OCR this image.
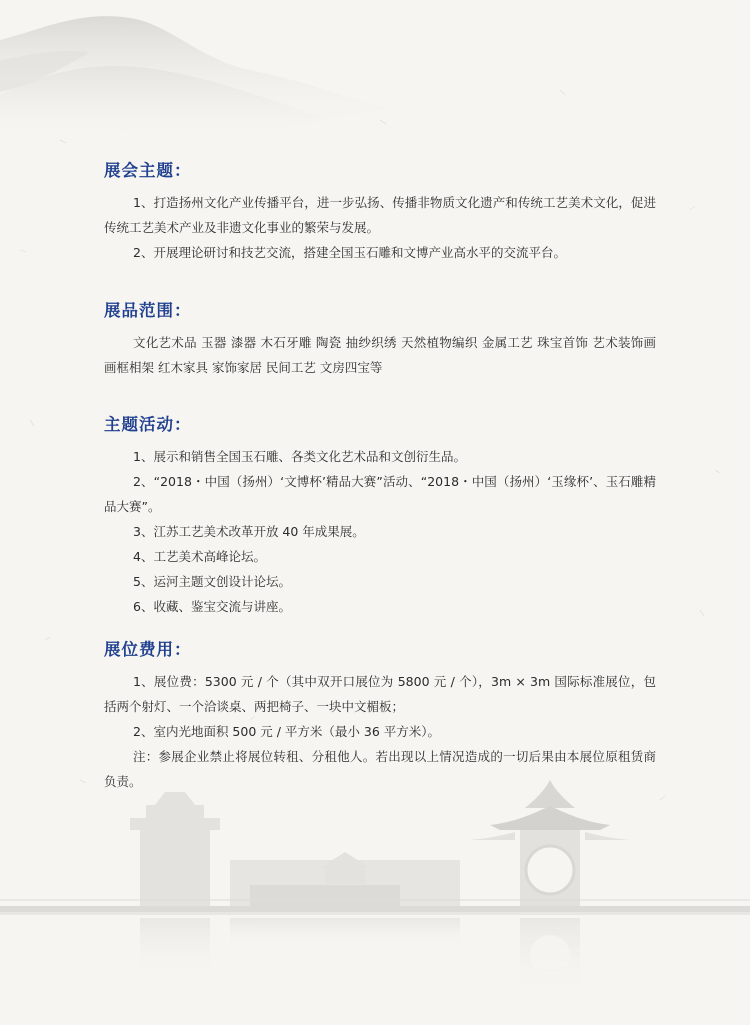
展会主题：

1、打造扬州文化产业传播平台，进一步弘扬、传播非物质文化遗产和传统工艺美术文化，促进传统工艺美术产业及非遗文化事业的繁荣与发展。

2、开展理论研讨和技艺交流，搭建全国玉石雕和文博产业高水平的交流平台。

展品范围：

文化艺术品 玉器 漆器 木石牙雕 陶瓷 抽纱织绣 天然植物编织 金属工艺 珠宝首饰 艺术装饰画 画框相架 红木家具 家饰家居 民间工艺 文房四宝等

主题活动：

1、展示和销售全国玉石雕、各类文化艺术品和文创衍生品。

2、“2018・中国（扬州）‘文博杯’精品大赛”活动、“2018・中国（扬州）‘玉缘杯’、玉石雕精品大赛”。

3、江苏工艺美术改革开放 40 年成果展。

4、工艺美术高峰论坛。

5、运河主题文创设计论坛。

6、收藏、鉴宝交流与讲座。

展位费用：

1、展位费：5300 元 / 个（其中双开口展位为 5800 元 / 个），3m × 3m 国际标准展位，包括两个射灯、一个洽谈桌、两把椅子、一块中文楣板；

2、室内光地面积 500 元 / 平方米（最小 36 平方米）。

注：参展企业禁止将展位转租、分租他人。若出现以上情况造成的一切后果由本展位原租赁商负责。
